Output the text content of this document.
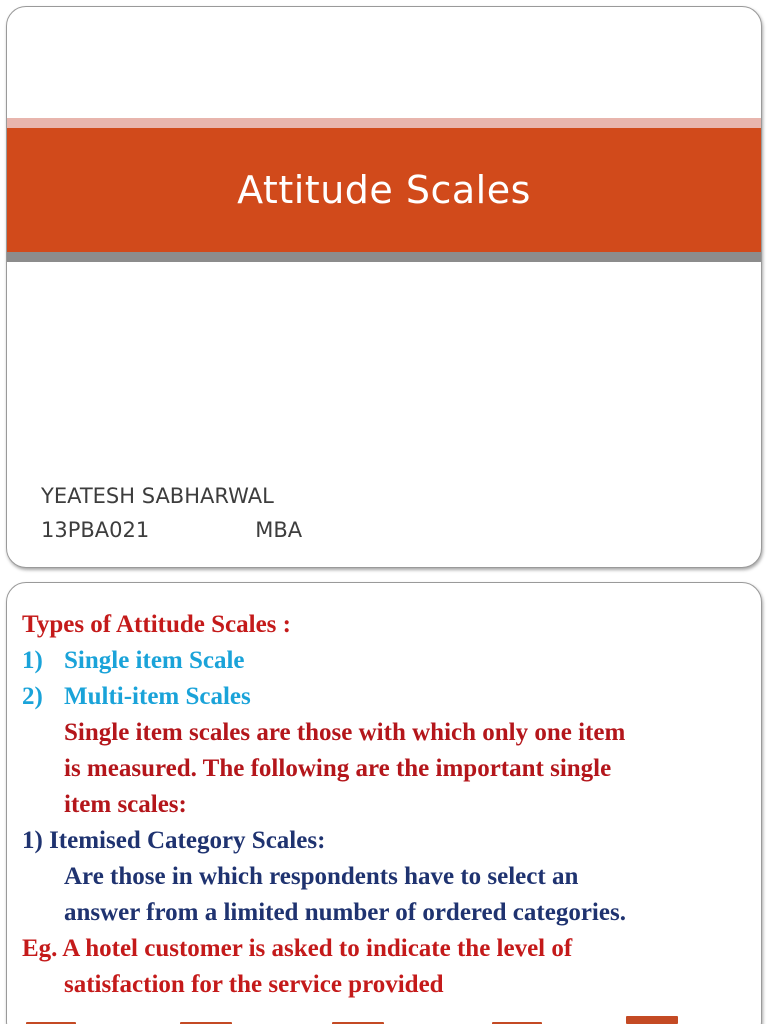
Attitude Scales
YEATESH SABHARWAL
13PBA021	MBA
Types of Attitude Scales :
1) Single item Scale
2) Multi-item Scales
Single item scales are those with which only one item
is measured. The following are the important single
item scales:
1) Itemised Category Scales:
Are those in which respondents have to select an
answer from a limited number of ordered categories.
Eg. A hotel customer is asked to indicate the level of
satisfaction for the service provided
